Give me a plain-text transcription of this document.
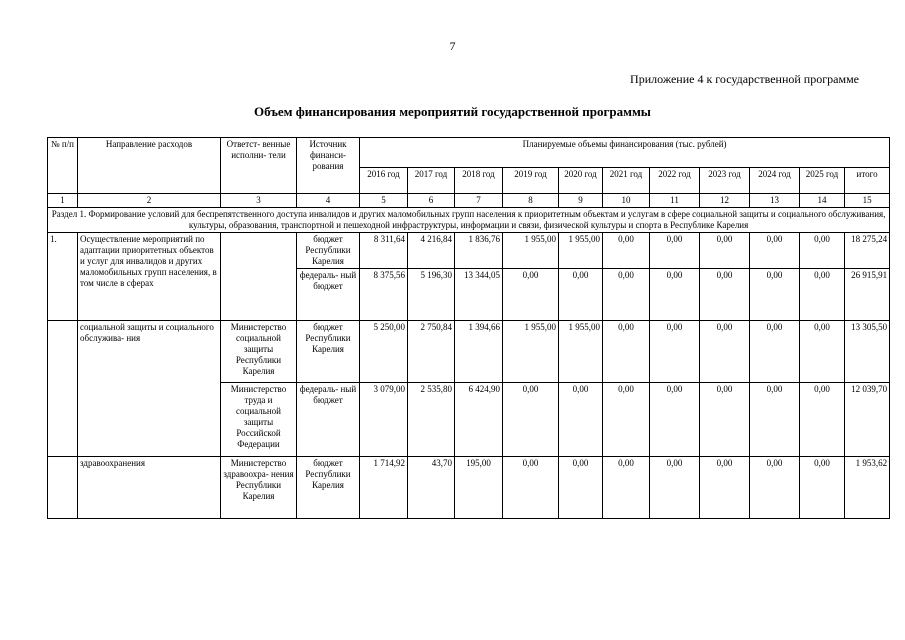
7
Приложение 4 к государственной программе
Объем финансирования мероприятий государственной программы
№ п/п	Направление расходов	Ответст- венные исполни- тели	Источник финанси- рования	Планируемые объемы финансирования (тыс. рублей)										
				2016 год	2017 год	2018 год	2019 год	2020 год	2021 год	2022 год	2023 год	2024 год	2025 год	итого
1	2	3	4	5	6	7	8	9	10	11	12	13	14	15
Раздел 1. Формирование условий для беспрепятственного доступа инвалидов и других маломобильных групп населения к приоритетным объектам и услугам в сфере социальной защиты и социального обслуживания, культуры, образования, транспортной и пешеходной инфраструктуры, информации и связи, физической культуры и спорта в Республике Карелия														
1.	Осуществление мероприятий по адаптации приоритетных объектов и услуг для инвалидов и других маломобильных групп населения, в том числе в сферах		бюджет Республики Карелия	8 311,64	4 216,84	1 836,76	1 955,00	1 955,00	0,00	0,00	0,00	0,00	0,00	18 275,24
			федераль- ный бюджет	8 375,56	5 196,30	13 344,05	0,00	0,00	0,00	0,00	0,00	0,00	0,00	26 915,91
	социальной защиты и социального обслужива- ния	Министерство социальной защиты Республики Карелия	бюджет Республики Карелия	5 250,00	2 750,84	1 394,66	1 955,00	1 955,00	0,00	0,00	0,00	0,00	0,00	13 305,50
		Министерство труда и социальной защиты Российской Федерации	федераль- ный бюджет	3 079,00	2 535,80	6 424,90	0,00	0,00	0,00	0,00	0,00	0,00	0,00	12 039,70
	здравоохранения	Министерство здравоохра- нения Республики Карелия	бюджет Республики Карелия	1 714,92	43,70	195,00	0,00	0,00	0,00	0,00	0,00	0,00	0,00	1 953,62
